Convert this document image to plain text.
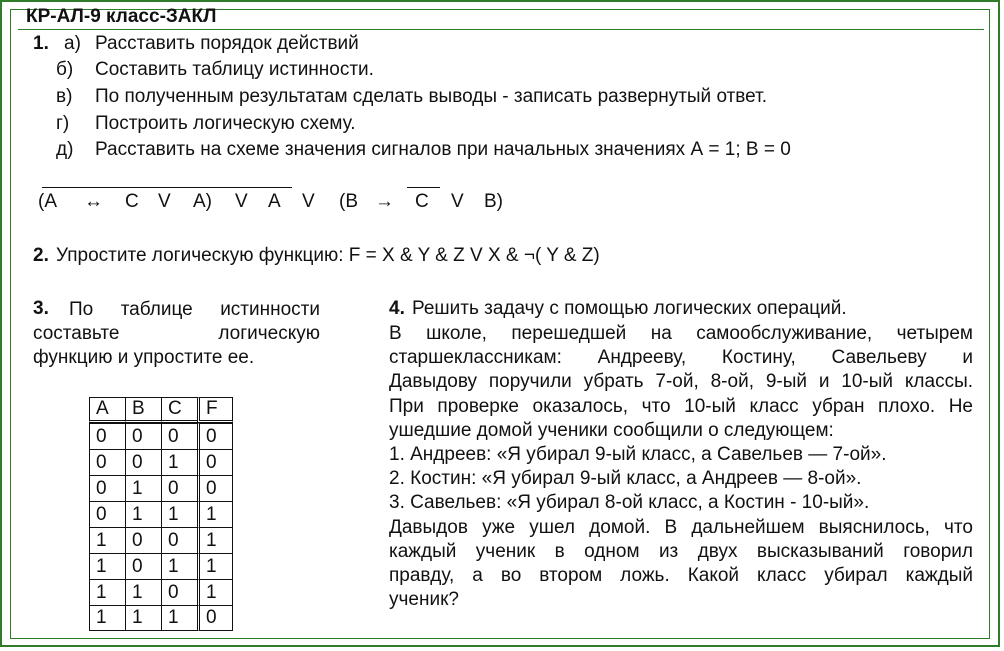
КР-АЛ-9 класс-ЗАКЛ
1. а) Расставить порядок действий
б) Составить таблицу истинности.
в) По полученным результатам сделать выводы - записать развернутый ответ.
г) Построить логическую схему.
д) Расставить на схеме значения сигналов при начальных значениях А = 1; В = 0
(А ↔ С V А) V А V (В → С V В)
2. Упростите логическую функцию: F = X & Y & Z V X & ¬( Y & Z)
3.	По таблице истинности
составьте логическую
функцию и упростите ее.
A	B	C	F
0	0	0	0
0	0	1	0
0	1	0	0
0	1	1	1
1	0	0	1
1	0	1	1
1	1	0	1
1	1	1	0
4. Решить задачу с помощью логических операций.
В школе, перешедшей на самообслуживание, четырем
старшеклассникам: Андрееву, Костину, Савельеву и
Давыдову поручили убрать 7-ой, 8-ой, 9-ый и 10-ый классы.
При проверке оказалось, что 10-ый класс убран плохо. Не
ушедшие домой ученики сообщили о следующем:
1. Андреев: «Я убирал 9-ый класс, а Савельев — 7-ой».
2. Костин: «Я убирал 9-ый класс, а Андреев — 8-ой».
3. Савельев: «Я убирал 8-ой класс, а Костин - 10-ый».
Давыдов уже ушел домой. В дальнейшем выяснилось, что
каждый ученик в одном из двух высказываний говорил
правду, а во втором ложь. Какой класс убирал каждый
ученик?
